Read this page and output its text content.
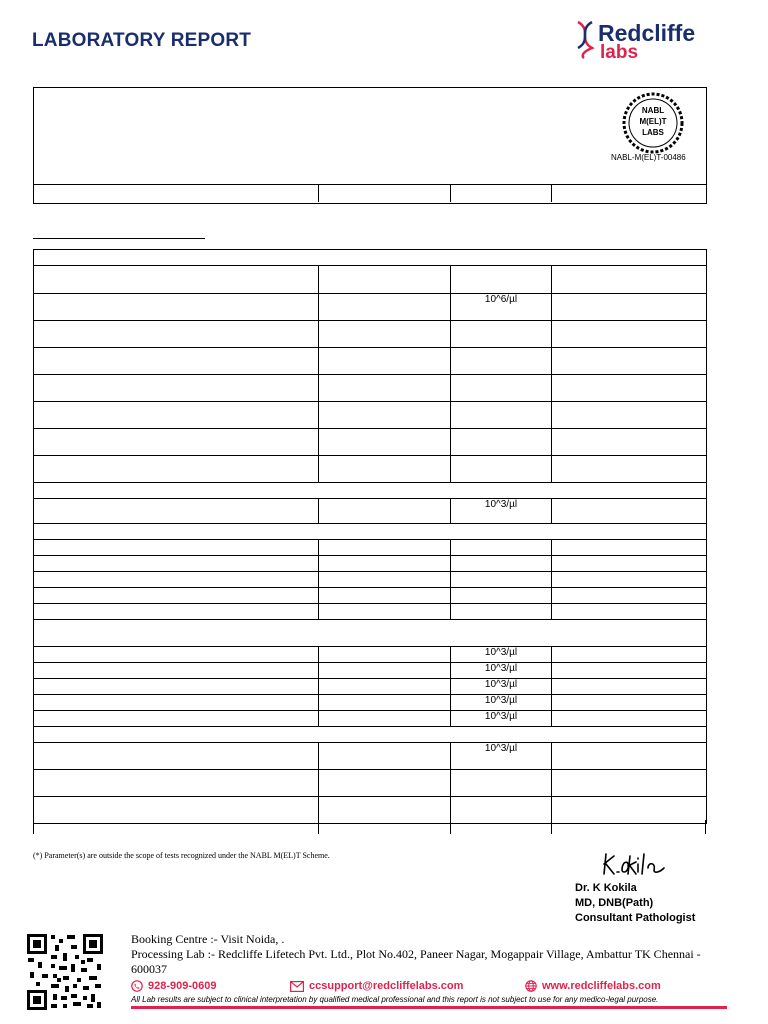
LABORATORY REPORT	Redcliffe
labs
NABL
M(EL)T
LABS
NABL-M(EL)T-00486

		10^6/µl	

		10^3/µl	

		10^3/µl	
		10^3/µl	
		10^3/µl	
		10^3/µl	
		10^3/µl	

		10^3/µl	

(*) Parameter(s) are outside the scope of tests recognized under the NABL M(EL)T Scheme.
Dr. K Kokila
MD, DNB(Path)
Consultant Pathologist
Booking Centre :- Visit Noida, .
Processing Lab :- Redcliffe Lifetech Pvt. Ltd., Plot No.402, Paneer Nagar, Mogappair Village, Ambattur TK Chennai - 600037
928-909-0609	ccsupport@redcliffelabs.com	www.redcliffelabs.com
All Lab results are subject to clinical interpretation by qualified medical professional and this report is not subject to use for any medico-legal purpose.
